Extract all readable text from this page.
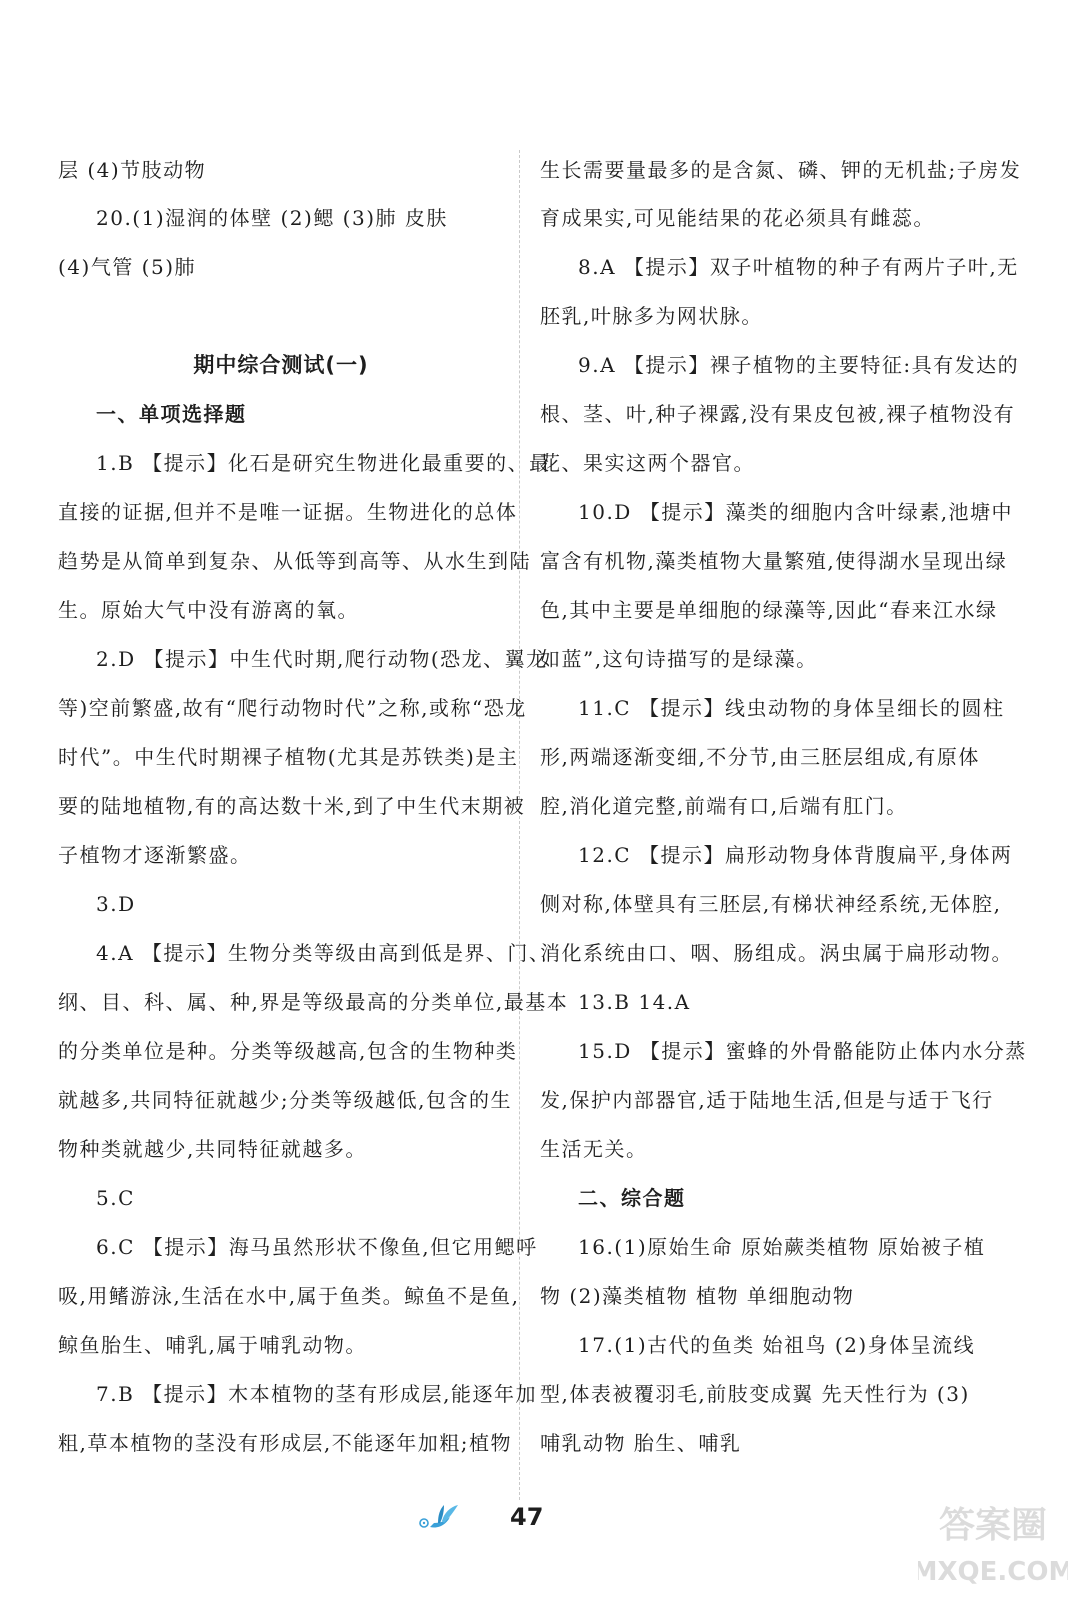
层 (4)节肢动物
20.(1)湿润的体壁 (2)鳃 (3)肺 皮肤
(4)气管 (5)肺
期中综合测试(一)
一、单项选择题
1.B 【提示】化石是研究生物进化最重要的、最
直接的证据,但并不是唯一证据。生物进化的总体
趋势是从简单到复杂、从低等到高等、从水生到陆
生。原始大气中没有游离的氧。
2.D 【提示】中生代时期,爬行动物(恐龙、翼龙
等)空前繁盛,故有“爬行动物时代”之称,或称“恐龙
时代”。中生代时期裸子植物(尤其是苏铁类)是主
要的陆地植物,有的高达数十米,到了中生代末期被
子植物才逐渐繁盛。
3.D
4.A 【提示】生物分类等级由高到低是界、门、
纲、目、科、属、种,界是等级最高的分类单位,最基本
的分类单位是种。分类等级越高,包含的生物种类
就越多,共同特征就越少;分类等级越低,包含的生
物种类就越少,共同特征就越多。
5.C
6.C 【提示】海马虽然形状不像鱼,但它用鳃呼
吸,用鳍游泳,生活在水中,属于鱼类。鲸鱼不是鱼,
鲸鱼胎生、哺乳,属于哺乳动物。
7.B 【提示】木本植物的茎有形成层,能逐年加
粗,草本植物的茎没有形成层,不能逐年加粗;植物
生长需要量最多的是含氮、磷、钾的无机盐;子房发
育成果实,可见能结果的花必须具有雌蕊。
8.A 【提示】双子叶植物的种子有两片子叶,无
胚乳,叶脉多为网状脉。
9.A 【提示】裸子植物的主要特征:具有发达的
根、茎、叶,种子裸露,没有果皮包被,裸子植物没有
花、果实这两个器官。
10.D 【提示】藻类的细胞内含叶绿素,池塘中
富含有机物,藻类植物大量繁殖,使得湖水呈现出绿
色,其中主要是单细胞的绿藻等,因此“春来江水绿
如蓝”,这句诗描写的是绿藻。
11.C 【提示】线虫动物的身体呈细长的圆柱
形,两端逐渐变细,不分节,由三胚层组成,有原体
腔,消化道完整,前端有口,后端有肛门。
12.C 【提示】扁形动物身体背腹扁平,身体两
侧对称,体壁具有三胚层,有梯状神经系统,无体腔,
消化系统由口、咽、肠组成。涡虫属于扁形动物。
13.B 14.A
15.D 【提示】蜜蜂的外骨骼能防止体内水分蒸
发,保护内部器官,适于陆地生活,但是与适于飞行
生活无关。
二、综合题
16.(1)原始生命 原始蕨类植物 原始被子植
物 (2)藻类植物 植物 单细胞动物
17.(1)古代的鱼类 始祖鸟 (2)身体呈流线
型,体表被覆羽毛,前肢变成翼 先天性行为 (3)
哺乳动物 胎生、哺乳
47	答案圈
MXQE.COM
